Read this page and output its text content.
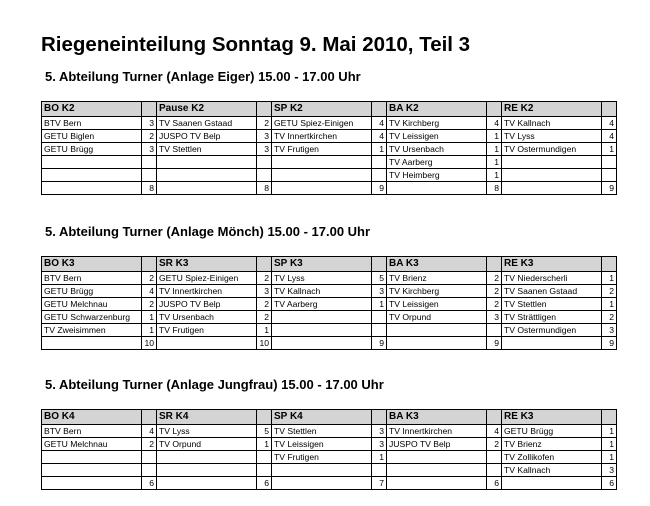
Riegeneinteilung Sonntag 9. Mai 2010, Teil 3
5. Abteilung Turner (Anlage Eiger) 15.00 - 17.00 Uhr
BO K2		Pause K2		SP K2		BA K2		RE K2	
BTV Bern	3	TV Saanen Gstaad	2	GETU Spiez-Einigen	4	TV Kirchberg	4	TV Kallnach	4
GETU Biglen	2	JUSPO TV Belp	3	TV Innertkirchen	4	TV Leissigen	1	TV Lyss	4
GETU Brügg	3	TV Stettlen	3	TV Frutigen	1	TV Ursenbach	1	TV Ostermundigen	1
						TV Aarberg	1		
						TV Heimberg	1		
	8		8		9		8		9
5. Abteilung Turner (Anlage Mönch) 15.00 - 17.00 Uhr
BO K3		SR K3		SP K3		BA K3		RE K3	
BTV Bern	2	GETU Spiez-Einigen	2	TV Lyss	5	TV Brienz	2	TV Niederscherli	1
GETU Brügg	4	TV Innertkirchen	3	TV Kallnach	3	TV Kirchberg	2	TV Saanen Gstaad	2
GETU Melchnau	2	JUSPO TV Belp	2	TV Aarberg	1	TV Leissigen	2	TV Stettlen	1
GETU Schwarzenburg	1	TV Ursenbach	2			TV Orpund	3	TV Strättligen	2
TV Zweisimmen	1	TV Frutigen	1					TV Ostermundigen	3
	10		10		9		9		9
5. Abteilung Turner (Anlage Jungfrau) 15.00 - 17.00 Uhr
BO K4		SR K4		SP K4		BA K3		RE K3	
BTV Bern	4	TV Lyss	5	TV Stettlen	3	TV Innertkirchen	4	GETU Brügg	1
GETU Melchnau	2	TV Orpund	1	TV Leissigen	3	JUSPO TV Belp	2	TV Brienz	1
				TV Frutigen	1			TV Zollikofen	1
								TV Kallnach	3
	6		6		7		6		6
